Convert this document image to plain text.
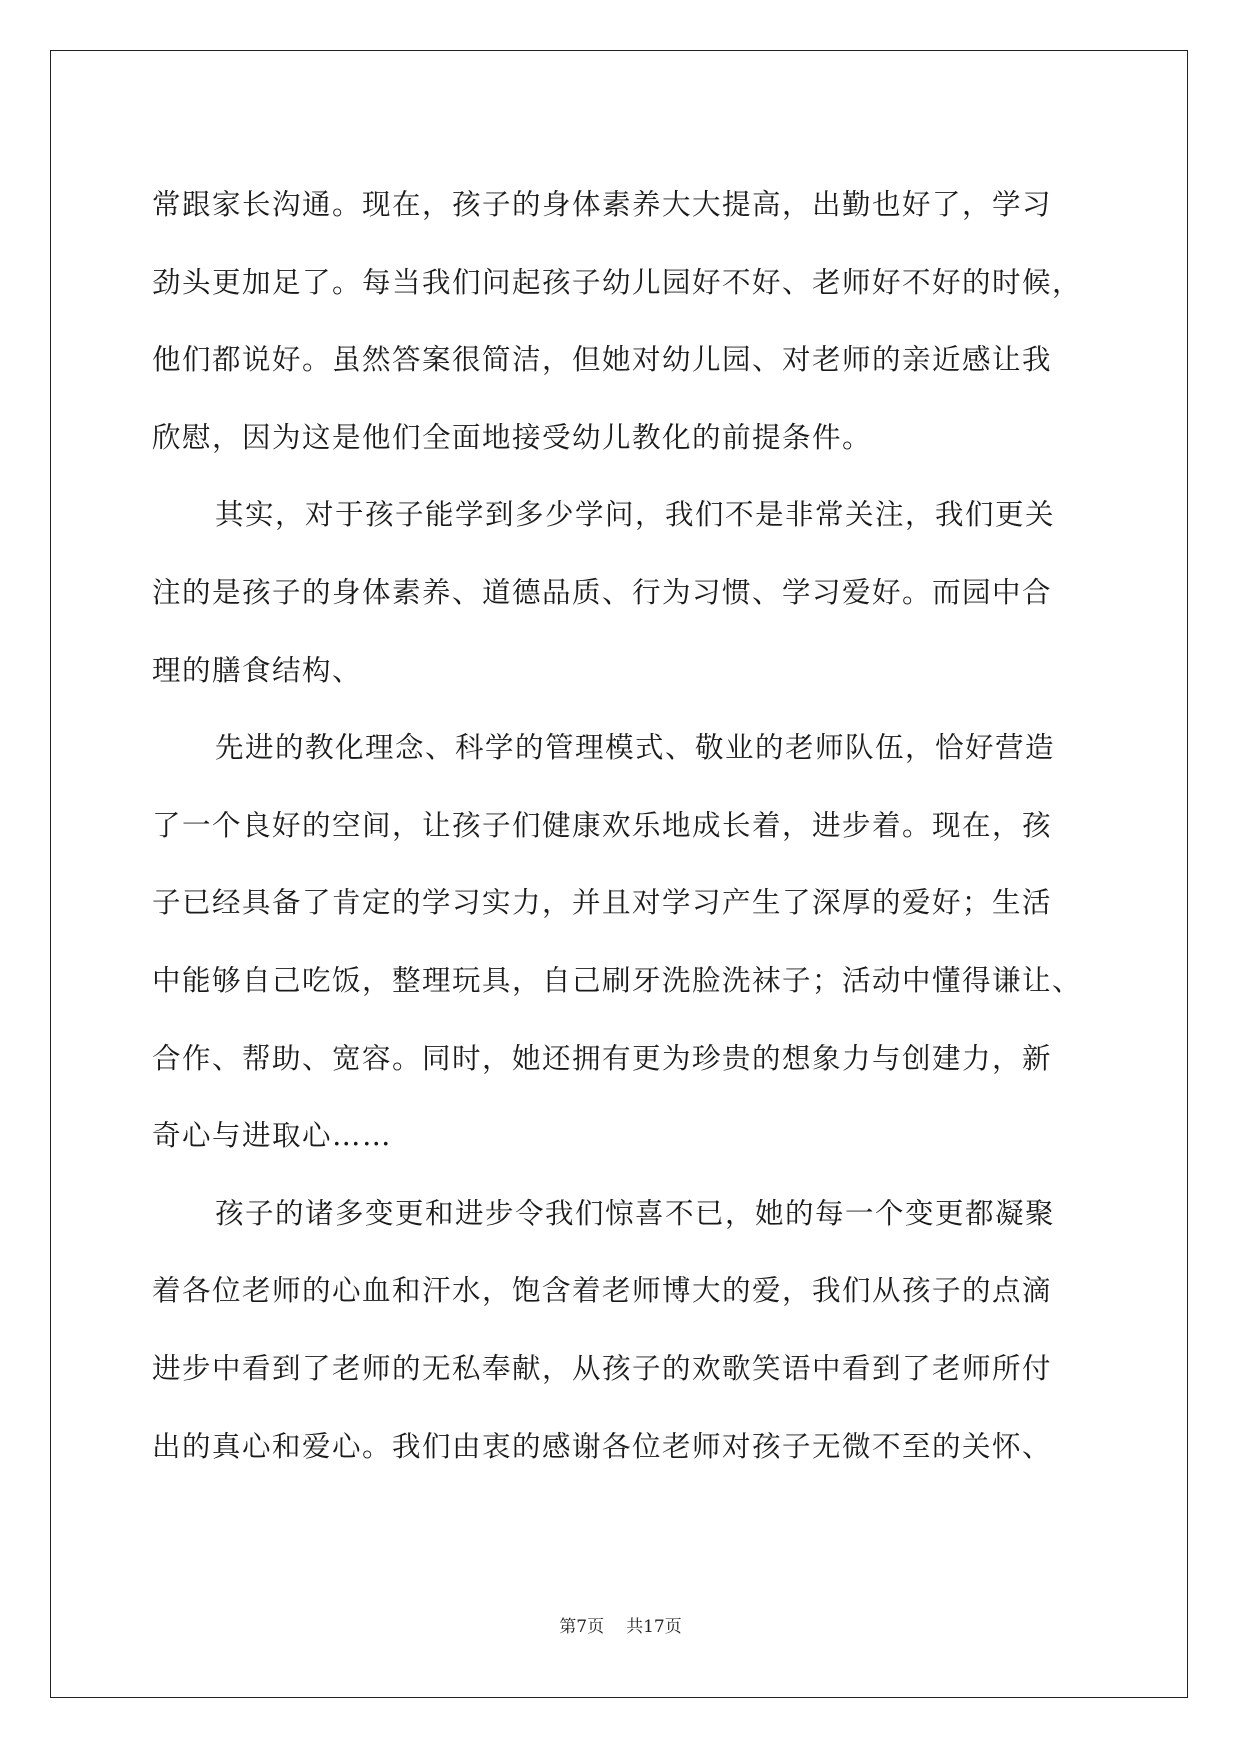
常跟家长沟通。现在，孩子的身体素养大大提高，出勤也好了，学习
劲头更加足了。每当我们问起孩子幼儿园好不好、老师好不好的时候，
他们都说好。虽然答案很简洁，但她对幼儿园、对老师的亲近感让我
欣慰，因为这是他们全面地接受幼儿教化的前提条件。
其实，对于孩子能学到多少学问，我们不是非常关注，我们更关
注的是孩子的身体素养、道德品质、行为习惯、学习爱好。而园中合
理的膳食结构、
先进的教化理念、科学的管理模式、敬业的老师队伍，恰好营造
了一个良好的空间，让孩子们健康欢乐地成长着，进步着。现在，孩
子已经具备了肯定的学习实力，并且对学习产生了深厚的爱好；生活
中能够自己吃饭，整理玩具，自己刷牙洗脸洗袜子；活动中懂得谦让、
合作、帮助、宽容。同时，她还拥有更为珍贵的想象力与创建力，新
奇心与进取心……
孩子的诸多变更和进步令我们惊喜不已，她的每一个变更都凝聚
着各位老师的心血和汗水，饱含着老师博大的爱，我们从孩子的点滴
进步中看到了老师的无私奉献，从孩子的欢歌笑语中看到了老师所付
出的真心和爱心。我们由衷的感谢各位老师对孩子无微不至的关怀、
第7页 共17页
